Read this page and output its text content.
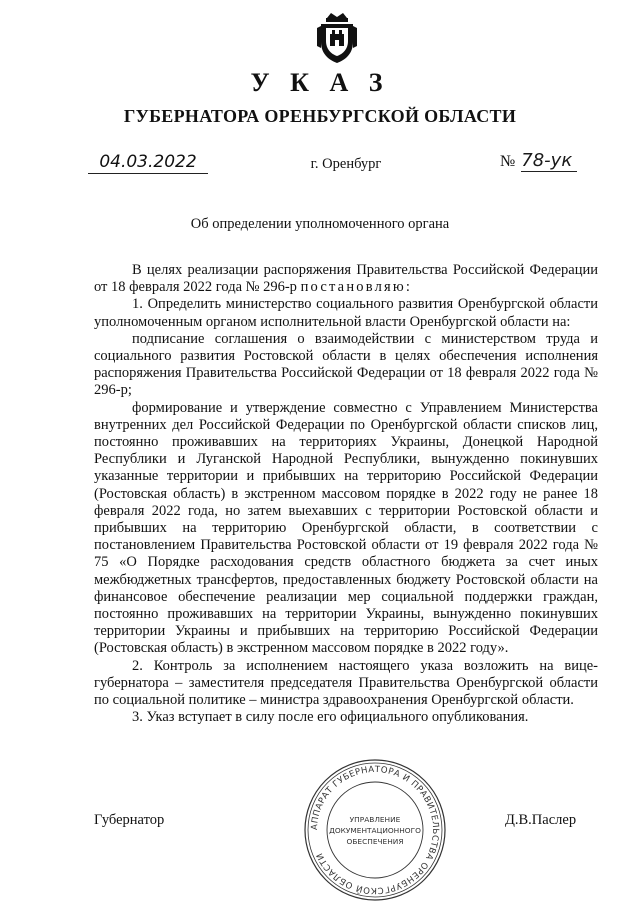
У К А З
ГУБЕРНАТОРА ОРЕНБУРГСКОЙ ОБЛАСТИ
04.03.2022	г. Оренбург	№ 78-ук
Об определении уполномоченного органа

В целях реализации распоряжения Правительства Российской Федерации от 18 февраля 2022 года № 296-р постановляю:

1. Определить министерство социального развития Оренбургской области уполномоченным органом исполнительной власти Оренбургской области на:

подписание соглашения о взаимодействии с министерством труда и социального развития Ростовской области в целях обеспечения исполнения распоряжения Правительства Российской Федерации от 18 февраля 2022 года № 296-р;

формирование и утверждение совместно с Управлением Министерства внутренних дел Российской Федерации по Оренбургской области списков лиц, постоянно проживавших на территориях Украины, Донецкой Народной Республики и Луганской Народной Республики, вынужденно покинувших указанные территории и прибывших на территорию Российской Федерации (Ростовская область) в экстренном массовом порядке в 2022 году не ранее 18 февраля 2022 года, но затем выехавших с территории Ростовской области и прибывших на территорию Оренбургской области, в соответствии с постановлением Правительства Ростовской области от 19 февраля 2022 года № 75 «О Порядке расходования средств областного бюджета за счет иных межбюджетных трансфертов, предоставленных бюджету Ростовской области на финансовое обеспечение реализации мер социальной поддержки граждан, постоянно проживавших на территории Украины, вынужденно покинувших территории Украины и прибывших на территорию Российской Федерации (Ростовская область) в экстренном массовом порядке в 2022 году».

2. Контроль за исполнением настоящего указа возложить на вице-губернатора – заместителя председателя Правительства Оренбургской области по социальной политике – министра здравоохранения Оренбургской области.

3. Указ вступает в силу после его официального опубликования.

Губернатор	АППАРАТ ГУБЕРНАТОРА И ПРАВИТЕЛЬСТВА ОРЕНБУРГСКОЙ ОБЛАСТИ
УПРАВЛЕНИЕ
ДОКУМЕНТАЦИОННОГО
ОБЕСПЕЧЕНИЯ
Д.В.Паслер
